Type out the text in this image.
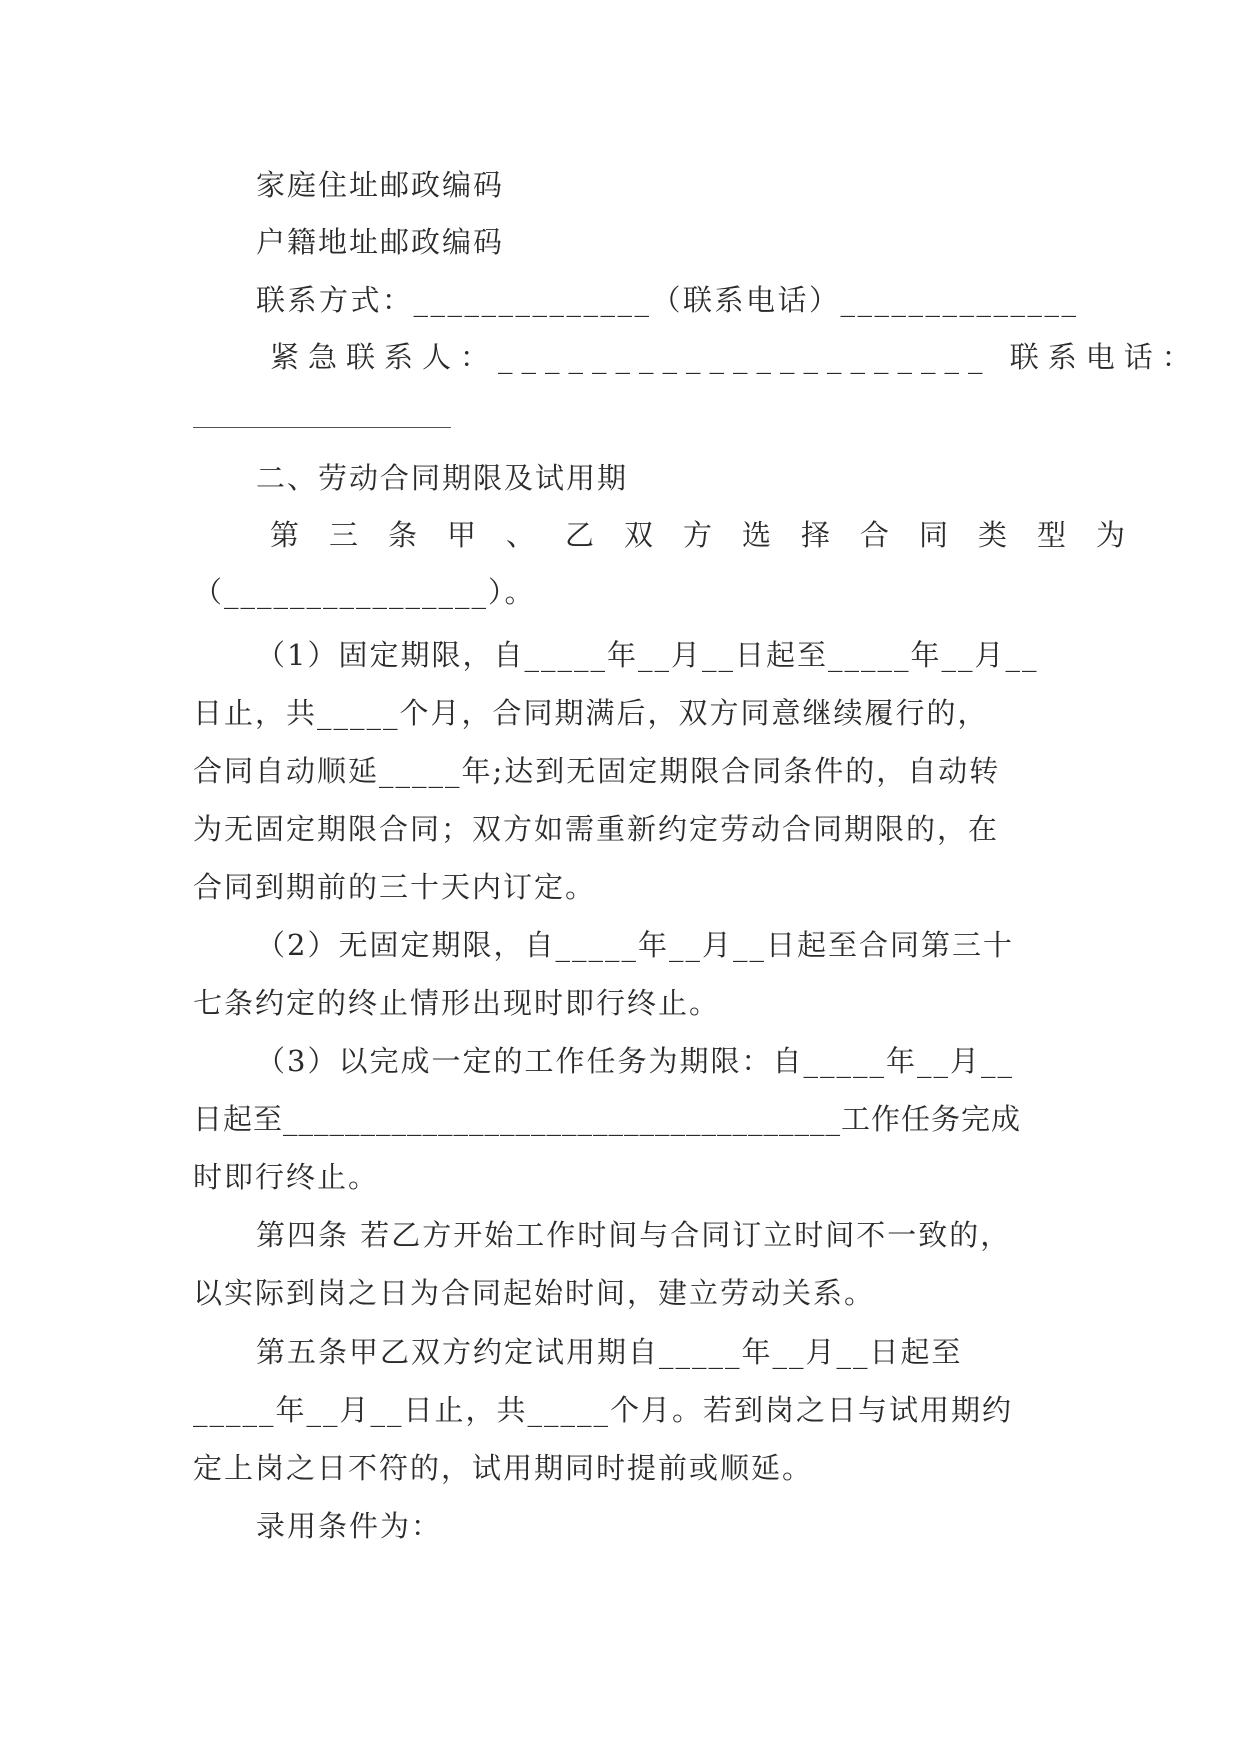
家庭住址邮政编码
户籍地址邮政编码
联系方式：______________（联系电话）______________
紧急联系人：_____________________ 联系电话：
二、劳动合同期限及试用期
第三条甲、乙双方选择合同类型为
（________________）。
（1）固定期限，自_____年__月__日起至_____年__月__
日止，共_____个月，合同期满后，双方同意继续履行的，
合同自动顺延_____年;达到无固定期限合同条件的，自动转
为无固定期限合同；双方如需重新约定劳动合同期限的，在
合同到期前的三十天内订定。
（2）无固定期限，自_____年__月__日起至合同第三十
七条约定的终止情形出现时即行终止。
（3）以完成一定的工作任务为期限：自_____年__月__
日起至____________________________________工作任务完成
时即行终止。
第四条 若乙方开始工作时间与合同订立时间不一致的，
以实际到岗之日为合同起始时间，建立劳动关系。
第五条甲乙双方约定试用期自_____年__月__日起至
_____年__月__日止，共_____个月。若到岗之日与试用期约
定上岗之日不符的，试用期同时提前或顺延。
录用条件为：
